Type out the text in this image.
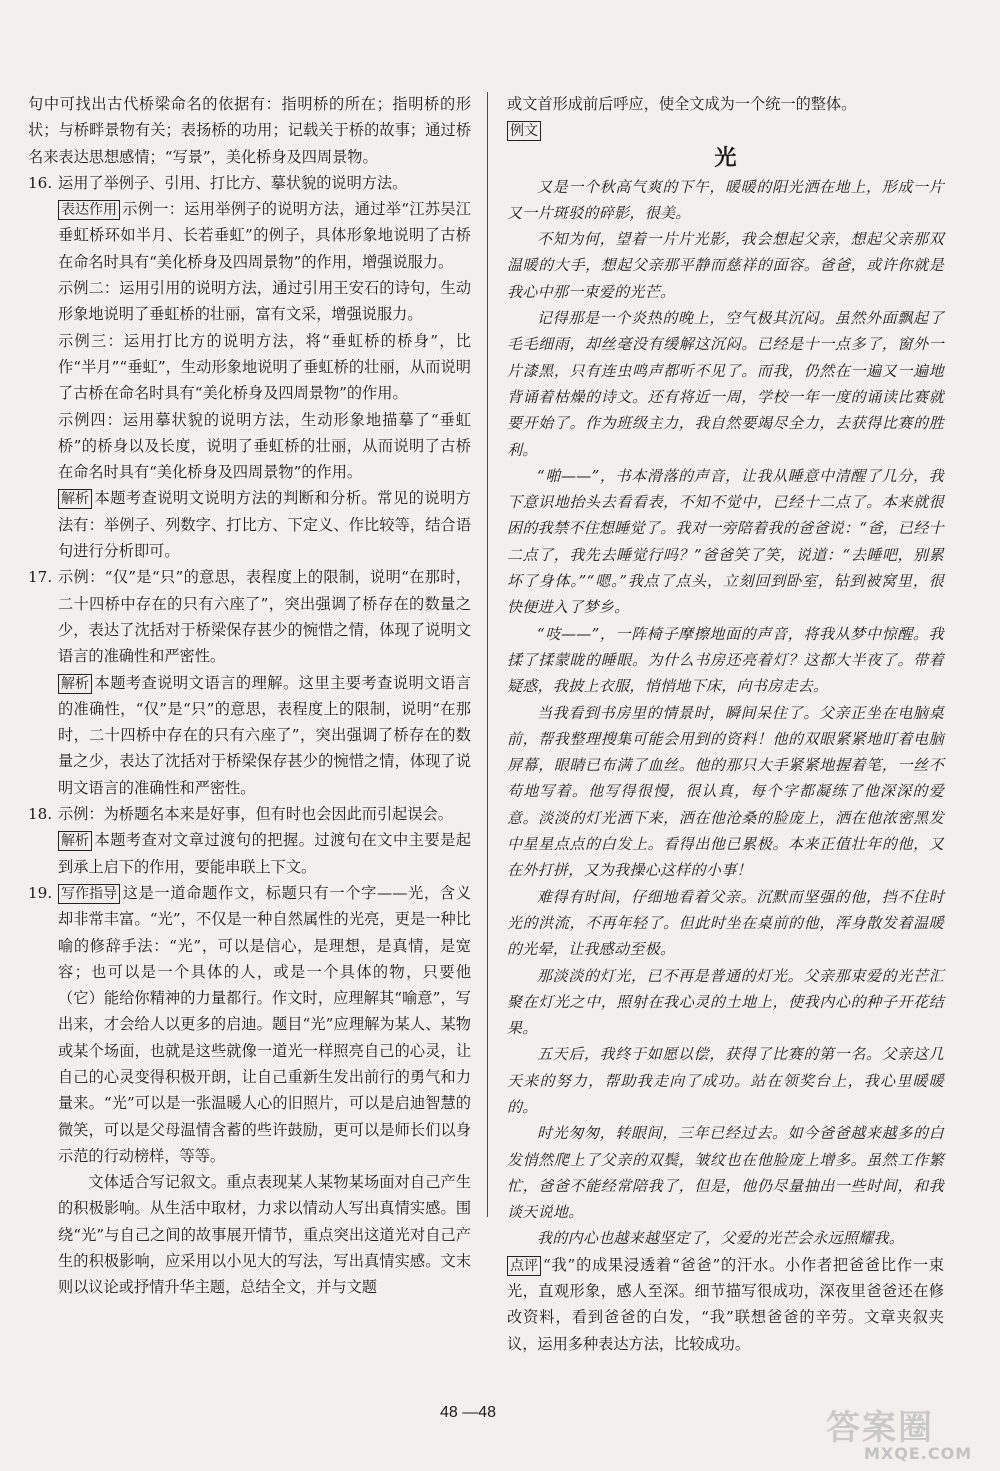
句中可找出古代桥梁命名的依据有：指明桥的所在；指明桥的形状；与桥畔景物有关；表扬桥的功用；记载关于桥的故事；通过桥名来表达思想感情；“写景”，美化桥身及四周景物。

16. 运用了举例子、引用、打比方、摹状貌的说明方法。

表达作用 示例一：运用举例子的说明方法，通过举“江苏吴江垂虹桥环如半月、长若垂虹”的例子，具体形象地说明了古桥在命名时具有“美化桥身及四周景物”的作用，增强说服力。

示例二：运用引用的说明方法，通过引用王安石的诗句，生动形象地说明了垂虹桥的壮丽，富有文采，增强说服力。

示例三：运用打比方的说明方法，将“垂虹桥的桥身”，比作“半月”“垂虹”，生动形象地说明了垂虹桥的壮丽，从而说明了古桥在命名时具有“美化桥身及四周景物”的作用。

示例四：运用摹状貌的说明方法，生动形象地描摹了“垂虹桥”的桥身以及长度，说明了垂虹桥的壮丽，从而说明了古桥在命名时具有“美化桥身及四周景物”的作用。

解析 本题考查说明文说明方法的判断和分析。常见的说明方法有：举例子、列数字、打比方、下定义、作比较等，结合语句进行分析即可。

17. 示例：“仅”是“只”的意思，表程度上的限制，说明“在那时，二十四桥中存在的只有六座了”，突出强调了桥存在的数量之少，表达了沈括对于桥梁保存甚少的惋惜之情，体现了说明文语言的准确性和严密性。

解析 本题考查说明文语言的理解。这里主要考查说明文语言的准确性，“仅”是“只”的意思，表程度上的限制，说明“在那时，二十四桥中存在的只有六座了”，突出强调了桥存在的数量之少，表达了沈括对于桥梁保存甚少的惋惜之情，体现了说明文语言的准确性和严密性。

18. 示例：为桥题名本来是好事，但有时也会因此而引起误会。

解析 本题考查对文章过渡句的把握。过渡句在文中主要是起到承上启下的作用，要能串联上下文。

19. 写作指导 这是一道命题作文，标题只有一个字——光，含义却非常丰富。“光”，不仅是一种自然属性的光亮，更是一种比喻的修辞手法：“光”，可以是信心，是理想，是真情，是宽容；也可以是一个具体的人，或是一个具体的物，只要他（它）能给你精神的力量都行。作文时，应理解其“喻意”，写出来，才会给人以更多的启迪。题目“光”应理解为某人、某物或某个场面，也就是这些就像一道光一样照亮自己的心灵，让自己的心灵变得积极开朗，让自己重新生发出前行的勇气和力量来。“光”可以是一张温暖人心的旧照片，可以是启迪智慧的微笑，可以是父母温情含蓄的些许鼓励，更可以是师长们以身示范的行动榜样，等等。

文体适合写记叙文。重点表现某人某物某场面对自己产生的积极影响。从生活中取材，力求以情动人写出真情实感。围绕“光”与自己之间的故事展开情节，重点突出这道光对自己产生的积极影响，应采用以小见大的写法，写出真情实感。文末则以议论或抒情升华主题，总结全文，并与文题

或文首形成前后呼应，使全文成为一个统一的整体。

例文

光

又是一个秋高气爽的下午，暖暖的阳光洒在地上，形成一片又一片斑驳的碎影，很美。

不知为何，望着一片片光影，我会想起父亲，想起父亲那双温暖的大手，想起父亲那平静而慈祥的面容。爸爸，或许你就是我心中那一束爱的光芒。

记得那是一个炎热的晚上，空气极其沉闷。虽然外面飘起了毛毛细雨，却丝毫没有缓解这沉闷。已经是十一点多了，窗外一片漆黑，只有连虫鸣声都听不见了。而我，仍然在一遍又一遍地背诵着枯燥的诗文。还有将近一周，学校一年一度的诵读比赛就要开始了。作为班级主力，我自然要竭尽全力，去获得比赛的胜利。

“啪——”，书本滑落的声音，让我从睡意中清醒了几分，我下意识地抬头去看看表，不知不觉中，已经十二点了。本来就很困的我禁不住想睡觉了。我对一旁陪着我的爸爸说：“爸，已经十二点了，我先去睡觉行吗？”爸爸笑了笑，说道：“去睡吧，别累坏了身体。”“嗯。”我点了点头，立刻回到卧室，钻到被窝里，很快便进入了梦乡。

“吱——”，一阵椅子摩擦地面的声音，将我从梦中惊醒。我揉了揉蒙眬的睡眼。为什么书房还亮着灯？这都大半夜了。带着疑惑，我披上衣服，悄悄地下床，向书房走去。

当我看到书房里的情景时，瞬间呆住了。父亲正坐在电脑桌前，帮我整理搜集可能会用到的资料！他的双眼紧紧地盯着电脑屏幕，眼睛已布满了血丝。他的那只大手紧紧地握着笔，一丝不苟地写着。他写得很慢，很认真，每个字都凝练了他深深的爱意。淡淡的灯光洒下来，洒在他沧桑的脸庞上，洒在他浓密黑发中星星点点的白发上。看得出他已累极。本来正值壮年的他，又在外打拼，又为我操心这样的小事！

难得有时间，仔细地看着父亲。沉默而坚强的他，挡不住时光的洪流，不再年轻了。但此时坐在桌前的他，浑身散发着温暖的光晕，让我感动至极。

那淡淡的灯光，已不再是普通的灯光。父亲那束爱的光芒汇聚在灯光之中，照射在我心灵的土地上，使我内心的种子开花结果。

五天后，我终于如愿以偿，获得了比赛的第一名。父亲这几天来的努力，帮助我走向了成功。站在领奖台上，我心里暖暖的。

时光匆匆，转眼间，三年已经过去。如今爸爸越来越多的白发悄然爬上了父亲的双鬓，皱纹也在他脸庞上增多。虽然工作繁忙，爸爸不能经常陪我了，但是，他仍尽量抽出一些时间，和我谈天说地。

我的内心也越来越坚定了，父爱的光芒会永远照耀我。

点评 “我”的成果浸透着“爸爸”的汗水。小作者把爸爸比作一束光，直观形象，感人至深。细节描写很成功，深夜里爸爸还在修改资料，看到爸爸的白发，“我”联想爸爸的辛劳。文章夹叙夹议，运用多种表达方法，比较成功。

48 —48	答案圈
MXQE.COM
